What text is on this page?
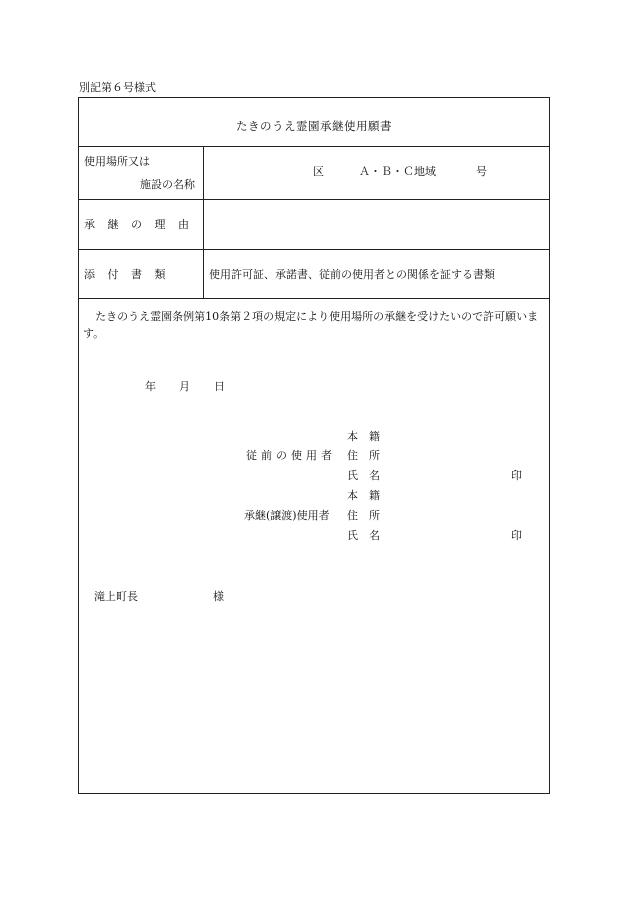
別記第６号様式
たきのうえ霊園承継使用願書
使用場所又は
施設の名称
区	Ａ・Ｂ・Ｃ地域	号
承継の理由
添付書類	使用許可証、承諾書、従前の使用者との関係を証する書類
たきのうえ霊園条例第10条第２項の規定により使用場所の承継を受けたいので許可願います。
年 月 日
本　籍
従前の使用者 住　所
氏　名	印
本　籍
承継(譲渡)使用者 住　所
氏　名	印
滝上町長	様
